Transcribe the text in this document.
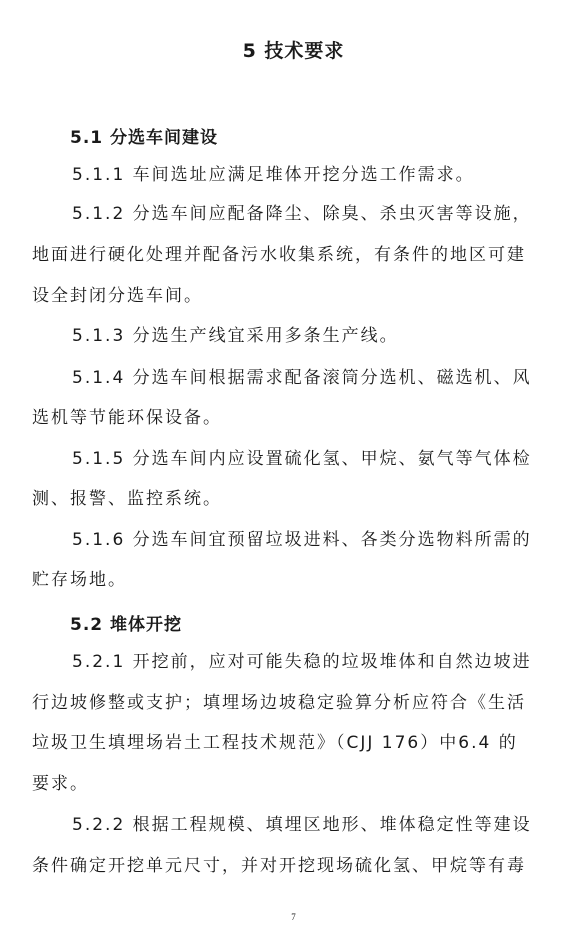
5 技术要求
5.1 分选车间建设
5.1.1 车间选址应满足堆体开挖分选工作需求。
5.1.2 分选车间应配备降尘、除臭、杀虫灭害等设施，
地面进行硬化处理并配备污水收集系统，有条件的地区可建
设全封闭分选车间。
5.1.3 分选生产线宜采用多条生产线。
5.1.4 分选车间根据需求配备滚筒分选机、磁选机、风
选机等节能环保设备。
5.1.5 分选车间内应设置硫化氢、甲烷、氨气等气体检
测、报警、监控系统。
5.1.6 分选车间宜预留垃圾进料、各类分选物料所需的
贮存场地。
5.2 堆体开挖
5.2.1 开挖前，应对可能失稳的垃圾堆体和自然边坡进
行边坡修整或支护；填埋场边坡稳定验算分析应符合《生活
垃圾卫生填埋场岩土工程技术规范》（CJJ 176）中6.4 的
要求。
5.2.2 根据工程规模、填埋区地形、堆体稳定性等建设
条件确定开挖单元尺寸，并对开挖现场硫化氢、甲烷等有毒
7
